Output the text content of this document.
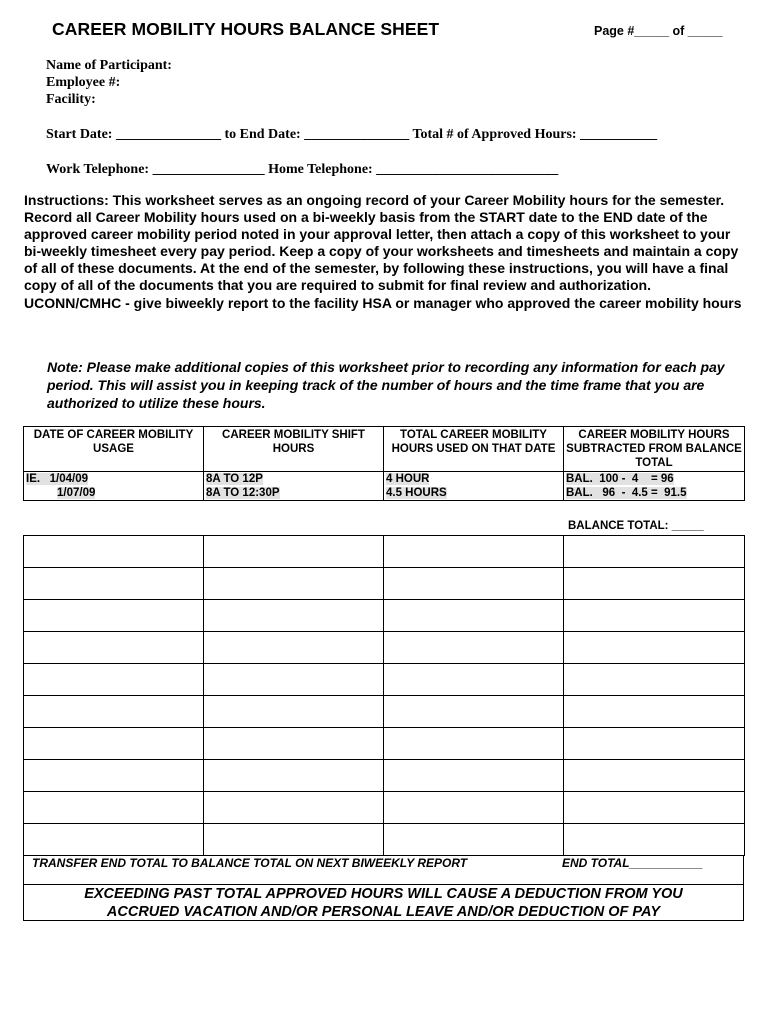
CAREER MOBILITY HOURS BALANCE SHEET	Page #_____ of _____
Name of Participant:
Employee #:
Facility:
Start Date: _______________ to End Date: _______________ Total # of Approved Hours: ___________
Work Telephone: ________________ Home Telephone: __________________________
Instructions: This worksheet serves as an ongoing record of your Career Mobility hours for the semester. Record all Career Mobility hours used on a bi-weekly basis from the START date to the END date of the approved career mobility period noted in your approval letter, then attach a copy of this worksheet to your bi-weekly timesheet every pay period. Keep a copy of your worksheets and timesheets and maintain a copy of all of these documents. At the end of the semester, by following these instructions, you will have a final copy of all of the documents that you are required to submit for final review and authorization.
UCONN/CMHC - give biweekly report to the facility HSA or manager who approved the career mobility hours
Note: Please make additional copies of this worksheet prior to recording any information for each pay period. This will assist you in keeping track of the number of hours and the time frame that you are authorized to utilize these hours.
DATE OF CAREER MOBILITY USAGE	CAREER MOBILITY SHIFT HOURS	TOTAL CAREER MOBILITY HOURS USED ON THAT DATE	CAREER MOBILITY HOURS SUBTRACTED FROM BALANCE TOTAL
IE.   1/04/09	8A TO 12P	4 HOUR	BAL.  100 -  4    = 96
1/07/09	8A TO 12:30P	4.5 HOURS	BAL.   96  -  4.5 =  91.5
BALANCE TOTAL: _____

TRANSFER END TOTAL TO BALANCE TOTAL ON NEXT BIWEEKLY REPORT	END TOTAL___________
EXCEEDING PAST TOTAL APPROVED HOURS WILL CAUSE A DEDUCTION FROM YOU
ACCRUED VACATION AND/OR PERSONAL LEAVE AND/OR DEDUCTION OF PAY
